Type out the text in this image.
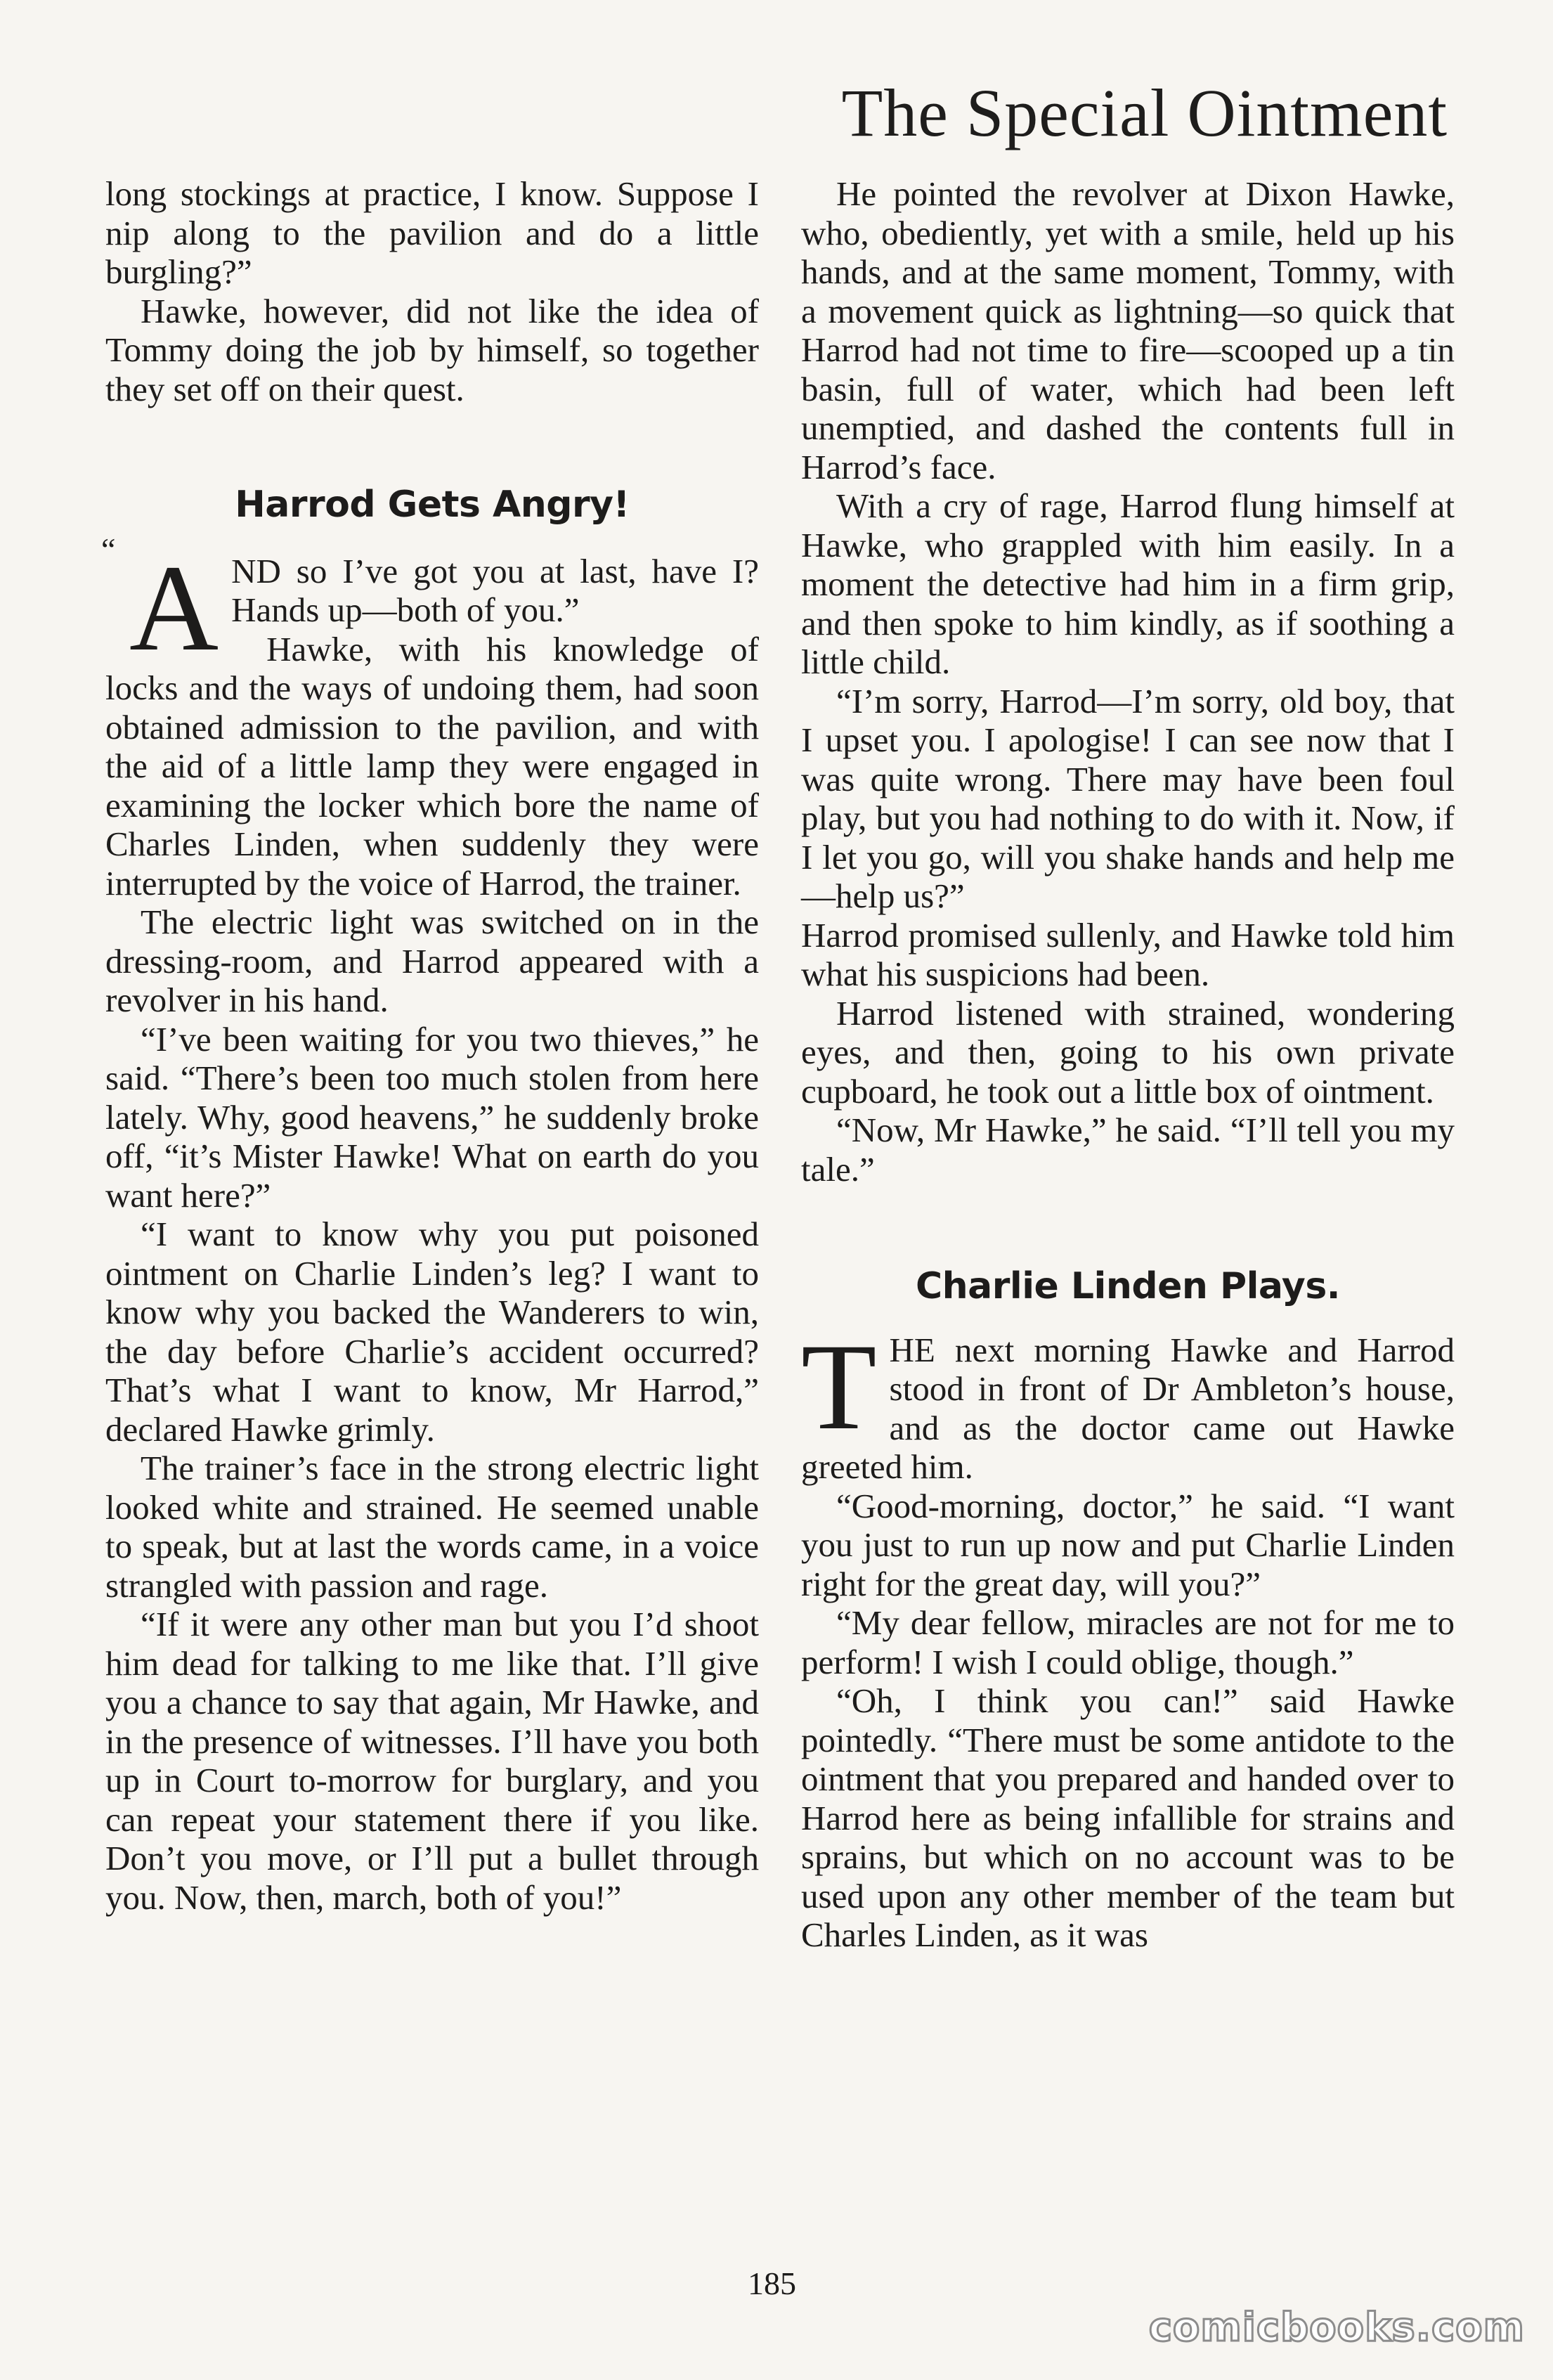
The Special Ointment

long stockings at practice, I know. Suppose I nip along to the pavilion and do a little burgling?”

Hawke, however, did not like the idea of Tommy doing the job by himself, so together they set off on their quest.

Harrod Gets Angry!

“ A ND so I’ve got you at last, have I? Hands up—both of you.”

Hawke, with his knowledge of locks and the ways of undoing them, had soon obtained admission to the pavilion, and with the aid of a little lamp they were engaged in examining the locker which bore the name of Charles Linden, when suddenly they were interrupted by the voice of Harrod, the trainer.

The electric light was switched on in the dressing-room, and Harrod appeared with a revolver in his hand.

“I’ve been waiting for you two thieves,” he said. “There’s been too much stolen from here lately. Why, good heavens,” he suddenly broke off, “it’s Mister Hawke! What on earth do you want here?”

“I want to know why you put poisoned ointment on Charlie Linden’s leg? I want to know why you backed the Wanderers to win, the day before Charlie’s accident occurred? That’s what I want to know, Mr Harrod,” declared Hawke grimly.

The trainer’s face in the strong electric light looked white and strained. He seemed unable to speak, but at last the words came, in a voice strangled with passion and rage.

“If it were any other man but you I’d shoot him dead for talking to me like that. I’ll give you a chance to say that again, Mr Hawke, and in the presence of witnesses. I’ll have you both up in Court to-morrow for burglary, and you can repeat your statement there if you like. Don’t you move, or I’ll put a bullet through you. Now, then, march, both of you!”

He pointed the revolver at Dixon Hawke, who, obediently, yet with a smile, held up his hands, and at the same moment, Tommy, with a movement quick as lightning—so quick that Harrod had not time to fire—scooped up a tin basin, full of water, which had been left unemptied, and dashed the contents full in Harrod’s face.

With a cry of rage, Harrod flung himself at Hawke, who grappled with him easily. In a moment the detective had him in a firm grip, and then spoke to him kindly, as if soothing a little child.

“I’m sorry, Harrod—I’m sorry, old boy, that I upset you. I apologise! I can see now that I was quite wrong. There may have been foul play, but you had nothing to do with it. Now, if I let you go, will you shake hands and help me—help us?”

Harrod promised sullenly, and Hawke told him what his suspicions had been.

Harrod listened with strained, wondering eyes, and then, going to his own private cupboard, he took out a little box of ointment.

“Now, Mr Hawke,” he said. “I’ll tell you my tale.”

Charlie Linden Plays.

T HE next morning Hawke and Harrod stood in front of Dr Ambleton’s house, and as the doctor came out Hawke greeted him.

“Good-morning, doctor,” he said. “I want you just to run up now and put Charlie Linden right for the great day, will you?”

“My dear fellow, miracles are not for me to perform! I wish I could oblige, though.”

“Oh, I think you can!” said Hawke pointedly. “There must be some antidote to the ointment that you prepared and handed over to Harrod here as being infallible for strains and sprains, but which on no account was to be used upon any other member of the team but Charles Linden, as it was

185
comicbooks.com
